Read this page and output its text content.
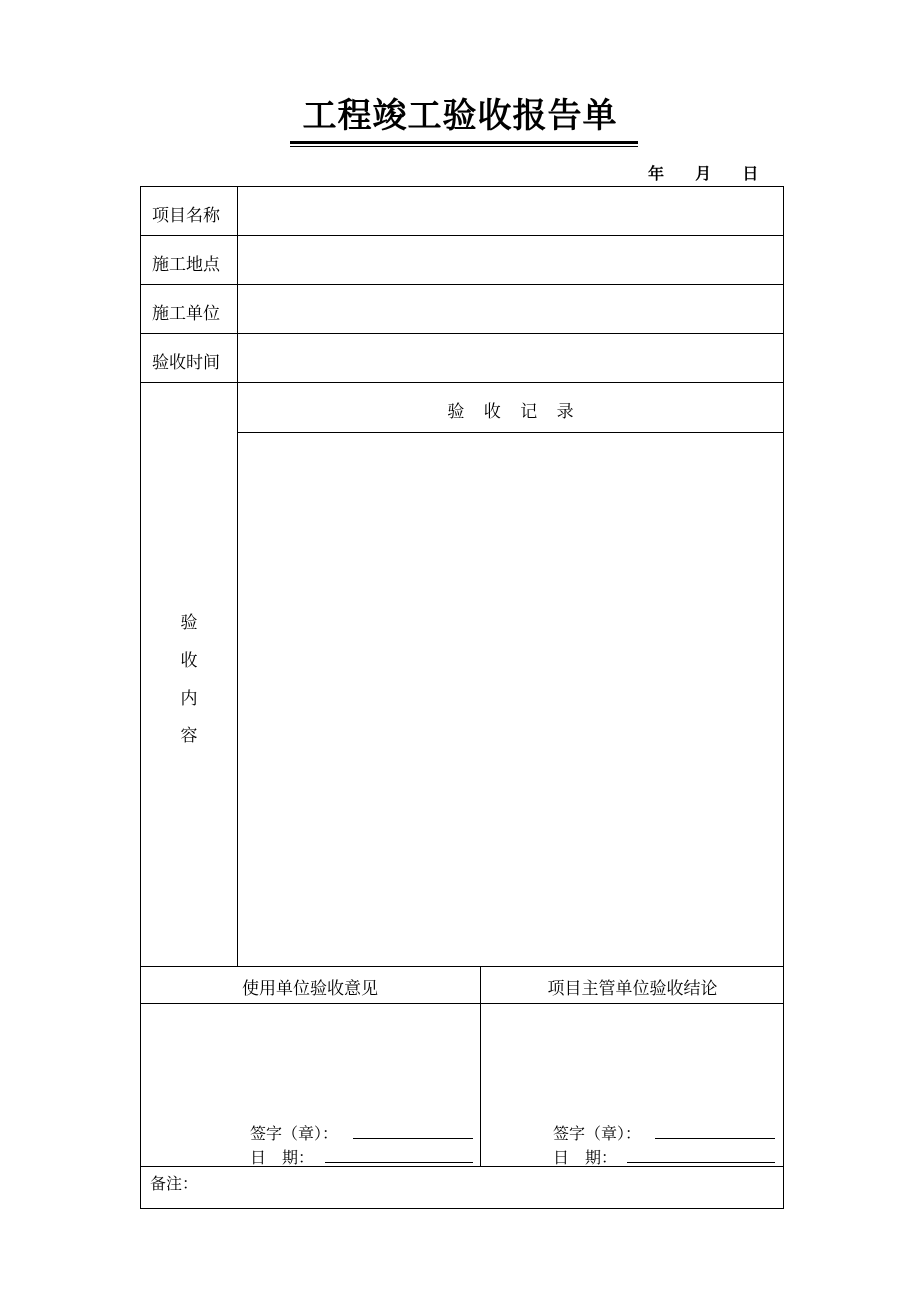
工程竣工验收报告单
年 月 日
项目名称
施工地点
施工单位
验收时间
验 收 记 录
验
收
内
容
使用单位验收意见	项目主管单位验收结论
签字（章）：
日　期：
签字（章）：
日　期：
备注：
